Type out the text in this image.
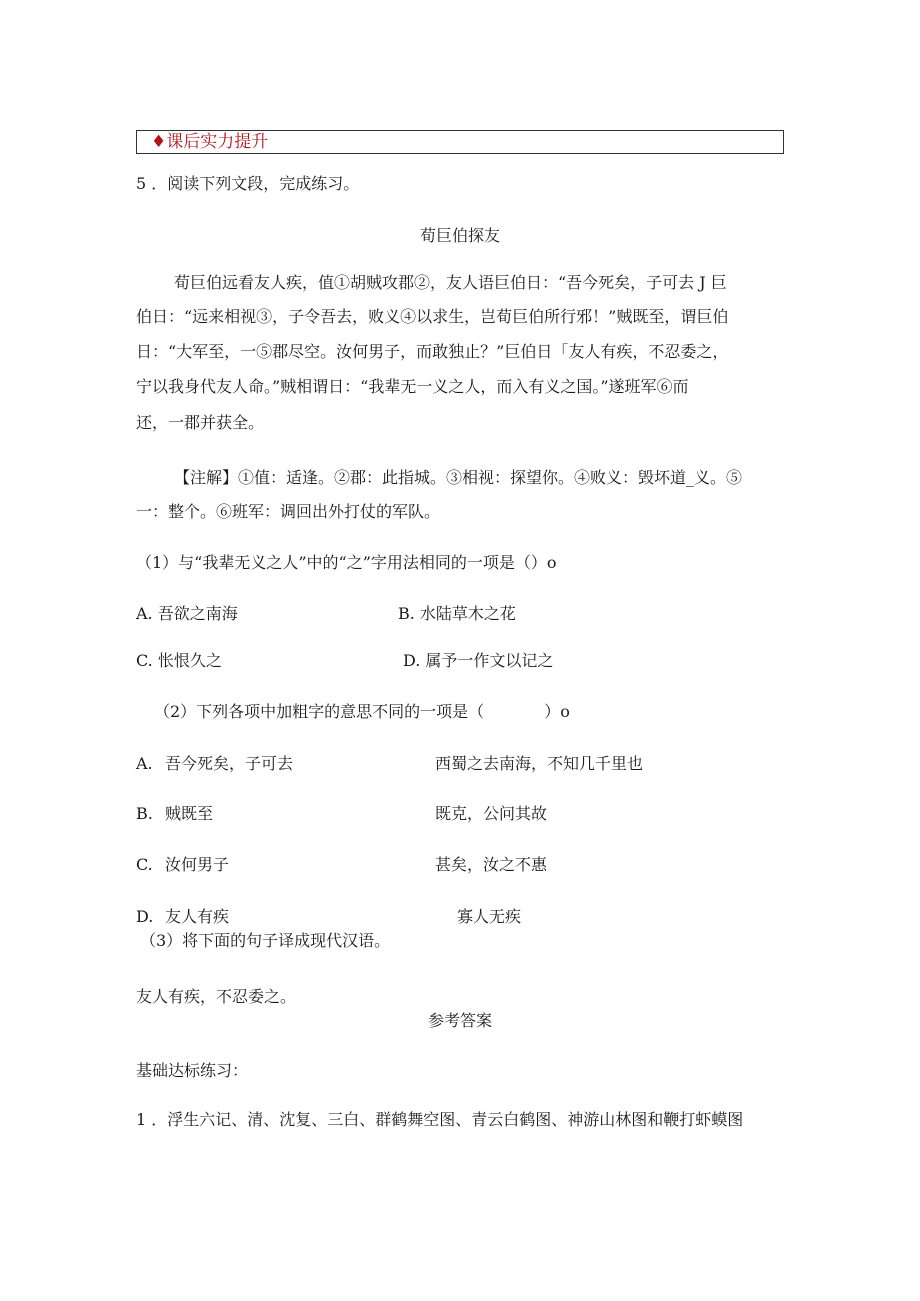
♦课后实力提升
5 ．阅读下列文段，完成练习。
荀巨伯探友
荀巨伯远看友人疾，值①胡贼攻郡②，友人语巨伯日：“吾今死矣，子可去 J 巨
伯日：“远来相视③，子令吾去，败义④以求生，岂荀巨伯所行邪！”贼既至，谓巨伯
日：“大军至，一⑤郡尽空。汝何男子，而敢独止？”巨伯日「友人有疾，不忍委之，
宁以我身代友人命。”贼相谓日：“我辈无一义之人，而入有义之国。”遂班军⑥而
还，一郡并获全。
【注解】①值：适逢。②郡：此指城。③相视：探望你。④败义：毁坏道_义。⑤
一：整个。⑥班军：调回出外打仗的军队。
（1）与“我辈无义之人”中的“之”字用法相同的一项是（）o
A. 吾欲之南海	B. 水陆草木之花
C. 怅恨久之	D. 属予一作文以记之
（2）下列各项中加粗字的意思不同的一项是（	）o
A. 吾今死矣，子可去	西蜀之去南海，不知几千里也
B. 贼既至	既克，公问其故
C. 汝何男子	甚矣，汝之不惠
D. 友人有疾	寡人无疾
（3）将下面的句子译成现代汉语。
友人有疾，不忍委之。
参考答案
基础达标练习：
1 ．浮生六记、清、沈复、三白、群鹤舞空图、青云白鹤图、神游山林图和鞭打虾蟆图
